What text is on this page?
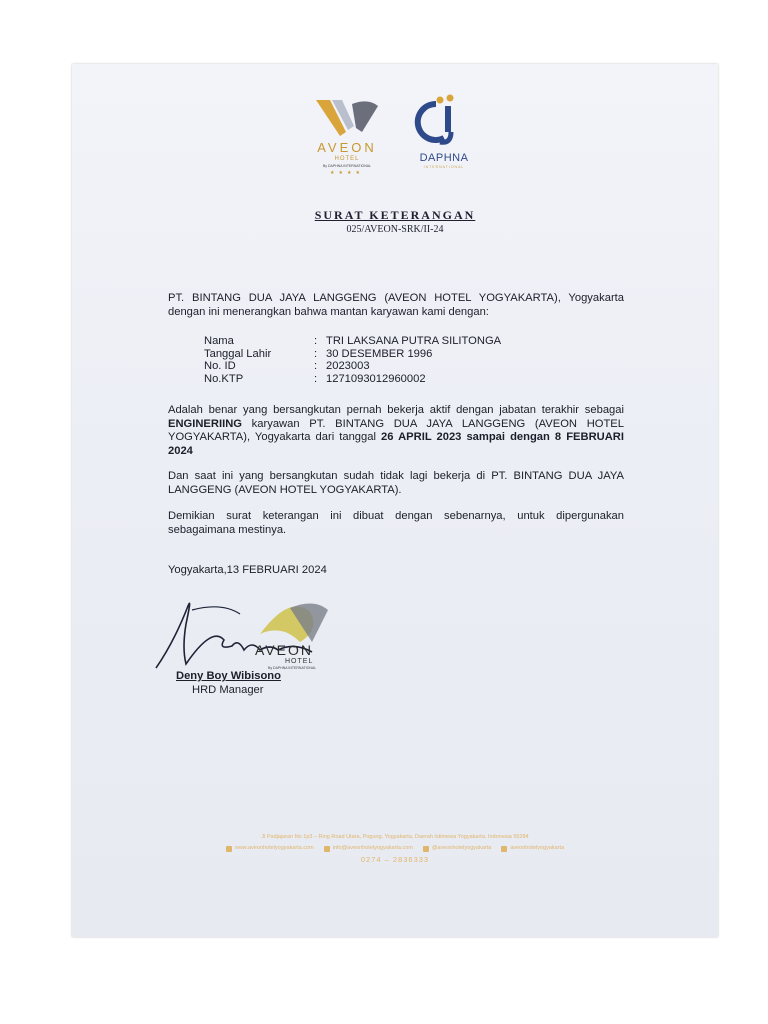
AVEON
HOTEL
By DAPHNA INTERNATIONAL
★★★★
DAPHNA
INTERNATIONAL
SURAT KETERANGAN
025/AVEON-SRK/II-24
PT. BINTANG DUA JAYA LANGGENG (AVEON HOTEL YOGYAKARTA), Yogyakarta dengan ini menerangkan bahwa mantan karyawan kami dengan:
Nama	: TRI LAKSANA PUTRA SILITONGA
Tanggal Lahir	: 30 DESEMBER 1996
No. ID	: 2023003
No.KTP	: 1271093012960002
Adalah benar yang bersangkutan pernah bekerja aktif dengan jabatan terakhir sebagai ENGINERIING karyawan PT. BINTANG DUA JAYA LANGGENG (AVEON HOTEL YOGYAKARTA), Yogyakarta dari tanggal 26 APRIL 2023 sampai dengan 8 FEBRUARI 2024
Dan saat ini yang bersangkutan sudah tidak lagi bekerja di PT. BINTANG DUA JAYA LANGGENG (AVEON HOTEL YOGYAKARTA).
Demikian surat keterangan ini dibuat dengan sebenarnya, untuk dipergunakan sebagaimana mestinya.
Yogyakarta,13 FEBRUARI 2024
AVEON
HOTEL
By DAPHNA INTERNATIONAL
Deny Boy Wibisono
HRD Manager
Jl Padjajaran No 1p3 – Ring Road Utara, Pogung, Yogyakarta, Daerah Istimewa Yogyakarta, Indonesia 55284
www.aveonhotelyogyakarta.com	info@aveonhotelyogyakarta.com	@aveonhotelyogyakarta	aveonhotelyogyakarta
0274 – 2836333
